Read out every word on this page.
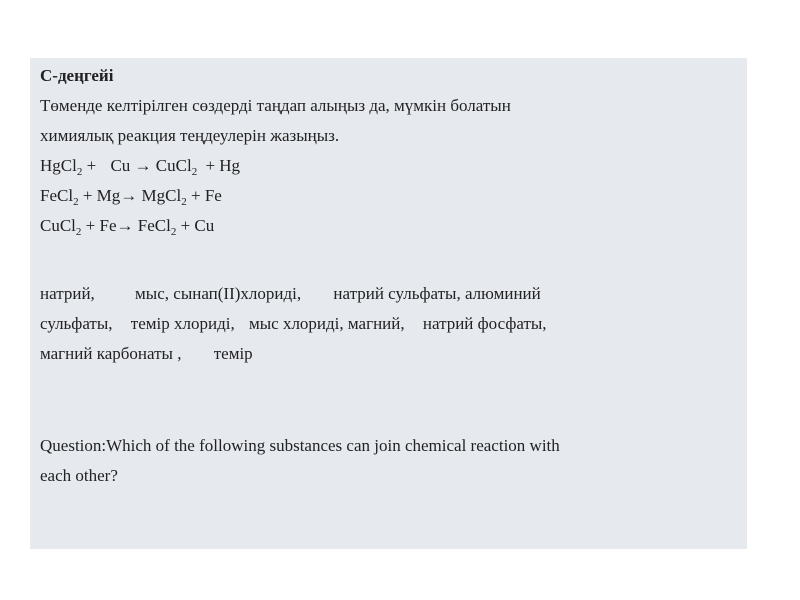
С-деңгейі
Төменде келтірілген сөздерді таңдап алыңыз да, мүмкін болатын
химиялық реакция теңдеулерін жазыңыз.
HgCl$_2$ + Cu → CuCl$_2$ + Hg
FeCl$_2$ + Mg→ MgCl$_2$ + Fe
CuCl$_2$ + Fe→ FeCl$_2$ + Cu
натрий, мыс, сынап(II)хлориді, натрий сульфаты, алюминий
сульфаты, темір хлориді, мыс хлориді, магний, натрий фосфаты,
магний карбонаты , темір
Question:Which of the following substances can join chemical reaction with
each other?
